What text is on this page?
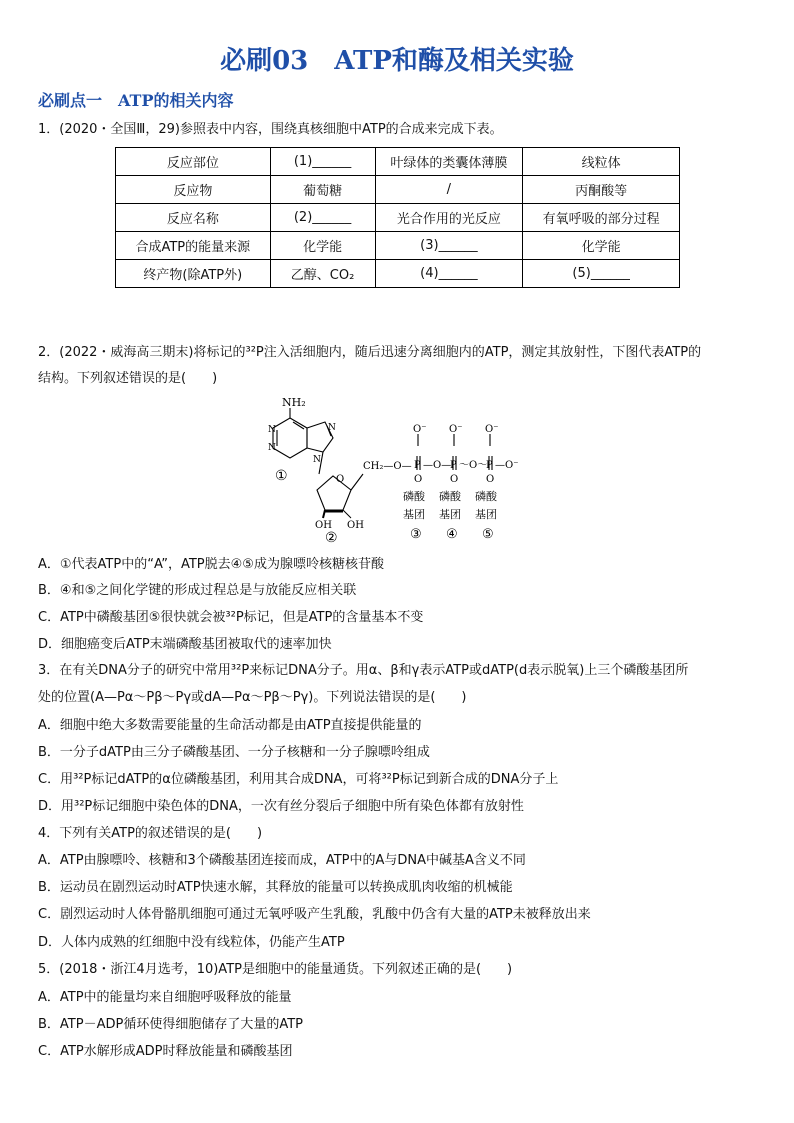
必刷03　ATP和酶及相关实验
必刷点一　ATP的相关内容
1．(2020・全国Ⅲ，29)参照表中内容，围绕真核细胞中ATP的合成来完成下表。
反应部位	(1)______	叶绿体的类囊体薄膜	线粒体
反应物	葡萄糖	/	丙酮酸等
反应名称	(2)______	光合作用的光反应	有氧呼吸的部分过程
合成ATP的能量来源	化学能	(3)______	化学能
终产物(除ATP外)	乙醇、CO₂	(4)______	(5)______
2．(2022・威海高三期末)将标记的³²P注入活细胞内，随后迅速分离细胞内的ATP，测定其放射性，下图代表ATP的
结构。下列叙述错误的是(　　)
NH₂
N
N
N
N
O
OH OH
①
②
CH₂—O— P —O—
P ～O～
P —O⁻
O⁻ O⁻ O⁻
O	O	O
磷酸 磷酸 磷酸
基团 基团 基团
③ ④ ⑤
A．①代表ATP中的“A”，ATP脱去④⑤成为腺嘌呤核糖核苷酸
B．④和⑤之间化学键的形成过程总是与放能反应相关联
C．ATP中磷酸基团⑤很快就会被³²P标记，但是ATP的含量基本不变
D．细胞癌变后ATP末端磷酸基团被取代的速率加快
3．在有关DNA分子的研究中常用³²P来标记DNA分子。用α、β和γ表示ATP或dATP(d表示脱氧)上三个磷酸基团所
处的位置(A—Pα～Pβ～Pγ或dA—Pα～Pβ～Pγ)。下列说法错误的是(　　)
A．细胞中绝大多数需要能量的生命活动都是由ATP直接提供能量的
B．一分子dATP由三分子磷酸基团、一分子核糖和一分子腺嘌呤组成
C．用³²P标记dATP的α位磷酸基团，利用其合成DNA，可将³²P标记到新合成的DNA分子上
D．用³²P标记细胞中染色体的DNA，一次有丝分裂后子细胞中所有染色体都有放射性
4．下列有关ATP的叙述错误的是(　　)
A．ATP由腺嘌呤、核糖和3个磷酸基团连接而成，ATP中的A与DNA中碱基A含义不同
B．运动员在剧烈运动时ATP快速水解，其释放的能量可以转换成肌肉收缩的机械能
C．剧烈运动时人体骨骼肌细胞可通过无氧呼吸产生乳酸，乳酸中仍含有大量的ATP未被释放出来
D．人体内成熟的红细胞中没有线粒体，仍能产生ATP
5．(2018・浙江4月选考，10)ATP是细胞中的能量通货。下列叙述正确的是(　　)
A．ATP中的能量均来自细胞呼吸释放的能量
B．ATP－ADP循环使得细胞储存了大量的ATP
C．ATP水解形成ADP时释放能量和磷酸基团
